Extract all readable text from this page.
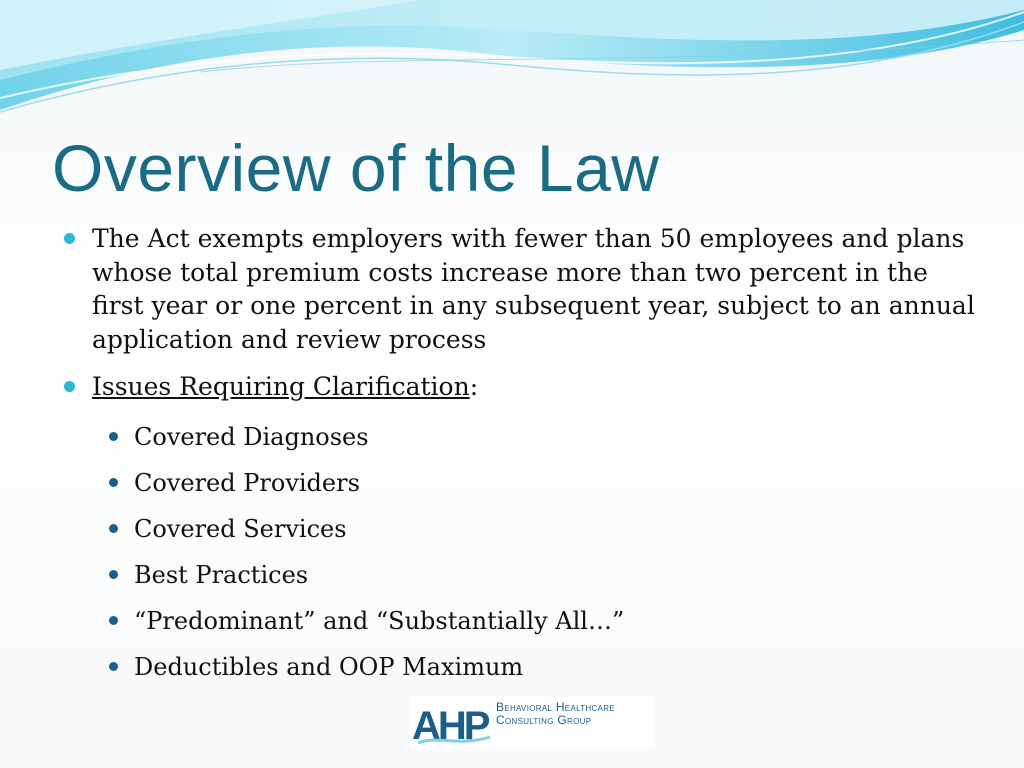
Overview of the Law
The Act exempts employers with fewer than 50 employees and plans whose total premium costs increase more than two percent in the first year or one percent in any subsequent year, subject to an annual application and review process
Issues Requiring Clarification:
Covered Diagnoses
Covered Providers
Covered Services
Best Practices
“Predominant” and “Substantially All…”
Deductibles and OOP Maximum
AHP Behavioral Healthcare
Consulting Group
